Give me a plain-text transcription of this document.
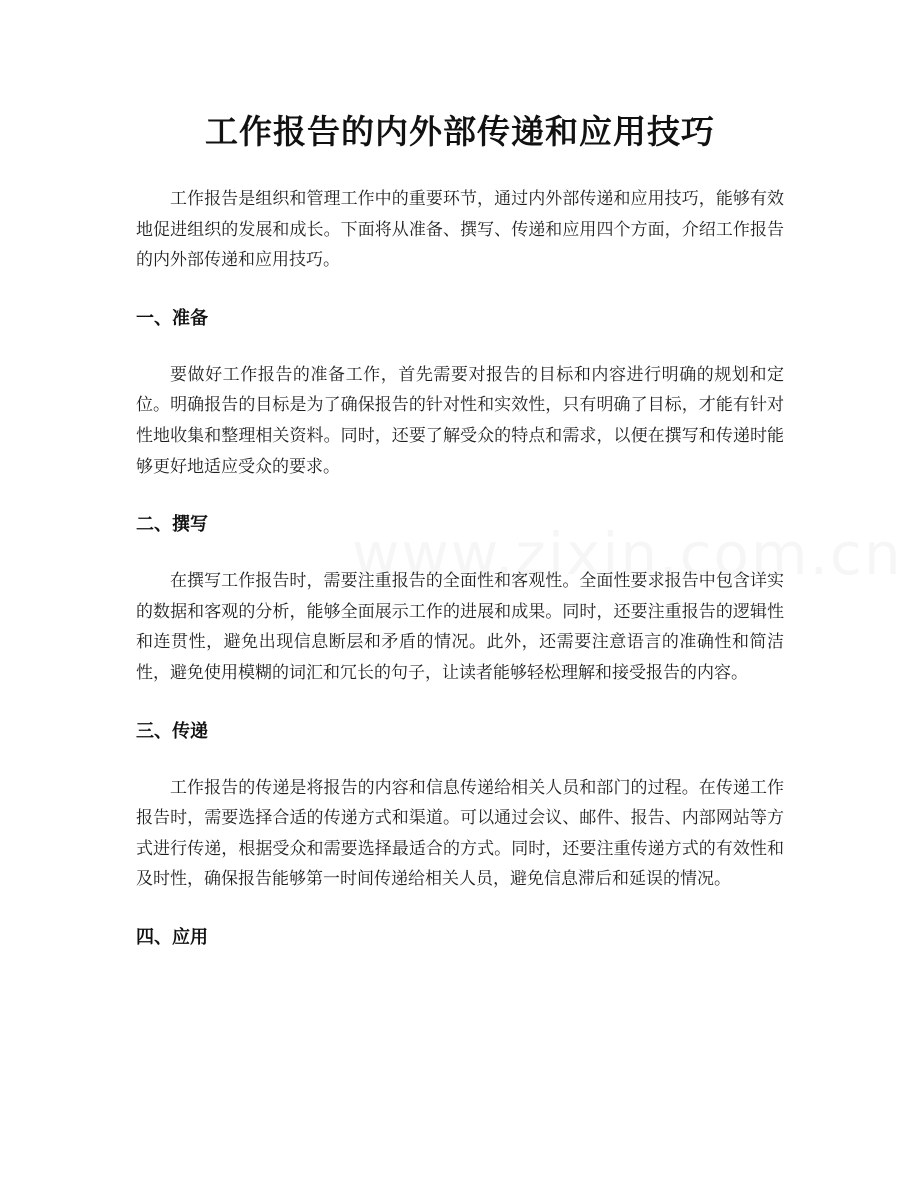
工作报告的内外部传递和应用技巧

工作报告是组织和管理工作中的重要环节，通过内外部传递和应用技巧，能够有效地促进组织的发展和成长。下面将从准备、撰写、传递和应用四个方面，介绍工作报告的内外部传递和应用技巧。

一、准备

要做好工作报告的准备工作，首先需要对报告的目标和内容进行明确的规划和定位。明确报告的目标是为了确保报告的针对性和实效性，只有明确了目标，才能有针对性地收集和整理相关资料。同时，还要了解受众的特点和需求，以便在撰写和传递时能够更好地适应受众的要求。

二、撰写

在撰写工作报告时，需要注重报告的全面性和客观性。全面性要求报告中包含详实的数据和客观的分析，能够全面展示工作的进展和成果。同时，还要注重报告的逻辑性和连贯性，避免出现信息断层和矛盾的情况。此外，还需要注意语言的准确性和简洁性，避免使用模糊的词汇和冗长的句子，让读者能够轻松理解和接受报告的内容。

三、传递

工作报告的传递是将报告的内容和信息传递给相关人员和部门的过程。在传递工作报告时，需要选择合适的传递方式和渠道。可以通过会议、邮件、报告、内部网站等方式进行传递，根据受众和需要选择最适合的方式。同时，还要注重传递方式的有效性和及时性，确保报告能够第一时间传递给相关人员，避免信息滞后和延误的情况。

四、应用
